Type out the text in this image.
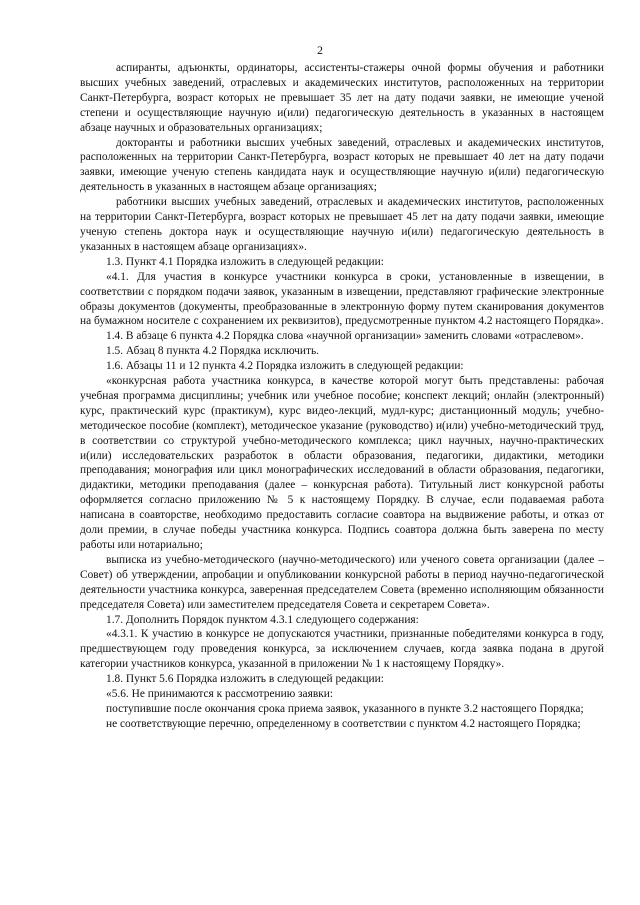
2

аспиранты, адъюнкты, ординаторы, ассистенты-стажеры очной формы обучения и работники высших учебных заведений, отраслевых и академических институтов, расположенных на территории Санкт-Петербурга, возраст которых не превышает 35 лет на дату подачи заявки, не имеющие ученой степени и осуществляющие научную и(или) педагогическую деятельность в указанных в настоящем абзаце научных и образовательных организациях;

докторанты и работники высших учебных заведений, отраслевых и академических институтов, расположенных на территории Санкт-Петербурга, возраст которых не превышает 40 лет на дату подачи заявки, имеющие ученую степень кандидата наук и осуществляющие научную и(или) педагогическую деятельность в указанных в настоящем абзаце организациях;

работники высших учебных заведений, отраслевых и академических институтов, расположенных на территории Санкт-Петербурга, возраст которых не превышает 45 лет на дату подачи заявки, имеющие ученую степень доктора наук и осуществляющие научную и(или) педагогическую деятельность в указанных в настоящем абзаце организациях».

1.3. Пункт 4.1 Порядка изложить в следующей редакции:

«4.1. Для участия в конкурсе участники конкурса в сроки, установленные в извещении, в соответствии с порядком подачи заявок, указанным в извещении, представляют графические электронные образы документов (документы, преобразованные в электронную форму путем сканирования документов на бумажном носителе с сохранением их реквизитов), предусмотренные пунктом 4.2 настоящего Порядка».

1.4. В абзаце 6 пункта 4.2 Порядка слова «научной организации» заменить словами «отраслевом».

1.5. Абзац 8 пункта 4.2 Порядка исключить.

1.6. Абзацы 11 и 12 пункта 4.2 Порядка изложить в следующей редакции:

«конкурсная работа участника конкурса, в качестве которой могут быть представлены: рабочая учебная программа дисциплины; учебник или учебное пособие; конспект лекций; онлайн (электронный) курс, практический курс (практикум), курс видео-лекций, мудл-курс; дистанционный модуль; учебно-методическое пособие (комплект), методическое указание (руководство) и(или) учебно-методический труд, в соответствии со структурой учебно-методического комплекса; цикл научных, научно-практических и(или) исследовательских разработок в области образования, педагогики, дидактики, методики преподавания; монография или цикл монографических исследований в области образования, педагогики, дидактики, методики преподавания (далее – конкурсная работа). Титульный лист конкурсной работы оформляется согласно приложению № 5 к настоящему Порядку. В случае, если подаваемая работа написана в соавторстве, необходимо предоставить согласие соавтора на выдвижение работы, и отказ от доли премии, в случае победы участника конкурса. Подпись соавтора должна быть заверена по месту работы или нотариально;

выписка из учебно-методического (научно-методического) или ученого совета организации (далее – Совет) об утверждении, апробации и опубликовании конкурсной работы в период научно-педагогической деятельности участника конкурса, заверенная председателем Совета (временно исполняющим обязанности председателя Совета) или заместителем председателя Совета и секретарем Совета».

1.7. Дополнить Порядок пунктом 4.3.1 следующего содержания:

«4.3.1. К участию в конкурсе не допускаются участники, признанные победителями конкурса в году, предшествующем году проведения конкурса, за исключением случаев, когда заявка подана в другой категории участников конкурса, указанной в приложении № 1 к настоящему Порядку».

1.8. Пункт 5.6 Порядка изложить в следующей редакции:

«5.6. Не принимаются к рассмотрению заявки:

поступившие после окончания срока приема заявок, указанного в пункте 3.2 настоящего Порядка;

не соответствующие перечню, определенному в соответствии с пунктом 4.2 настоящего Порядка;
